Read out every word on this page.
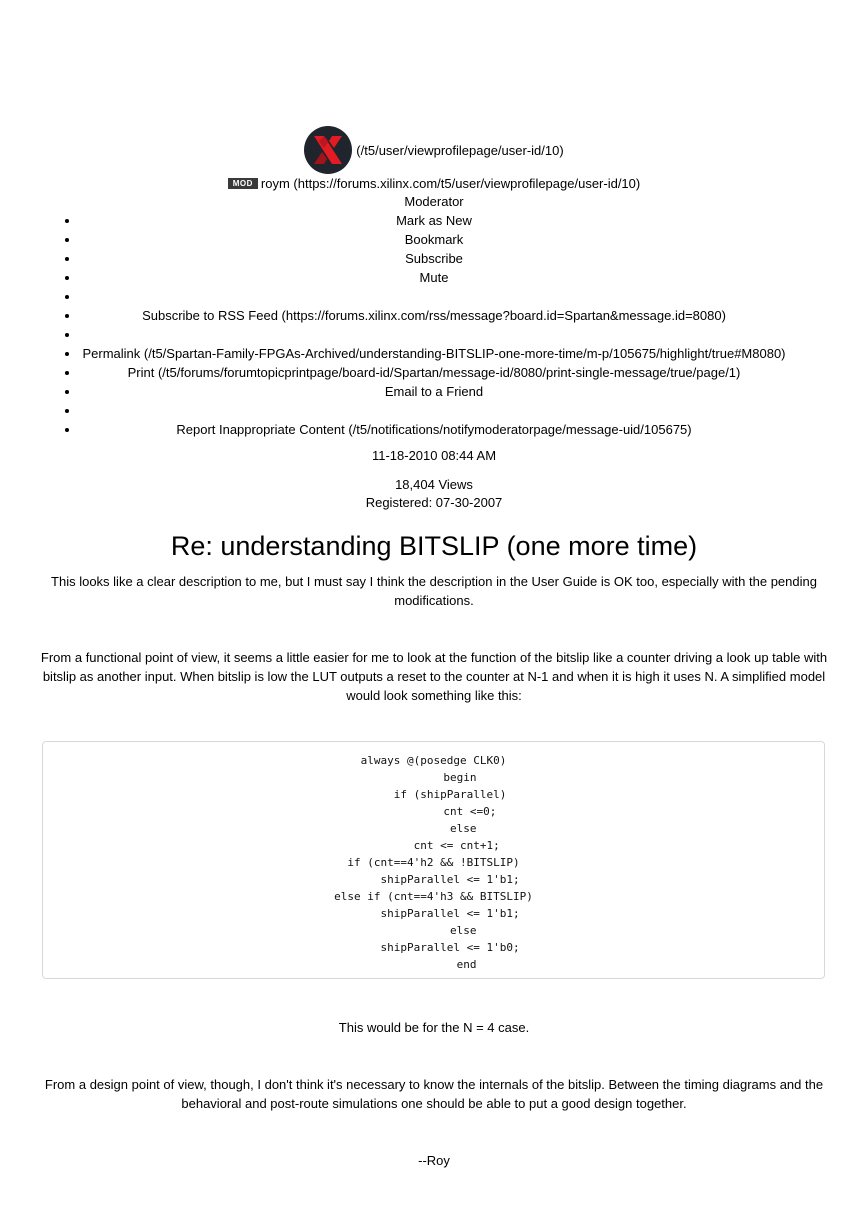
(/t5/user/viewprofilepage/user-id/10)
MOD roym (https://forums.xilinx.com/t5/user/viewprofilepage/user-id/10)
Moderator
Mark as New
Bookmark
Subscribe
Mute
Subscribe to RSS Feed (https://forums.xilinx.com/rss/message?board.id=Spartan&message.id=8080)
Permalink (/t5/Spartan-Family-FPGAs-Archived/understanding-BITSLIP-one-more-time/m-p/105675/highlight/true#M8080)
Print (/t5/forums/forumtopicprintpage/board-id/Spartan/message-id/8080/print-single-message/true/page/1)
Email to a Friend
Report Inappropriate Content (/t5/notifications/notifymoderatorpage/message-uid/105675)
11-18-2010 08:44 AM
18,404 Views
Registered: 07-30-2007
Re: understanding BITSLIP (one more time)

This looks like a clear description to me, but I must say I think the description in the User Guide is OK too, especially with the pending modifications.

From a functional point of view, it seems a little easier for me to look at the function of the bitslip like a counter driving a look up table with bitslip as another input. When bitslip is low the LUT outputs a reset to the counter at N-1 and when it is high it uses N. A simplified model would look something like this:

always @(posedge CLK0)
begin
if (shipParallel)
cnt <=0;
else
cnt <= cnt+1;
if (cnt==4'h2 && !BITSLIP)
shipParallel <= 1'b1;
else if (cnt==4'h3 && BITSLIP)
shipParallel <= 1'b1;
else
shipParallel <= 1'b0;
end

This would be for the N = 4 case.

From a design point of view, though, I don't think it's necessary to know the internals of the bitslip. Between the timing diagrams and the behavioral and post-route simulations one should be able to put a good design together.

--Roy
